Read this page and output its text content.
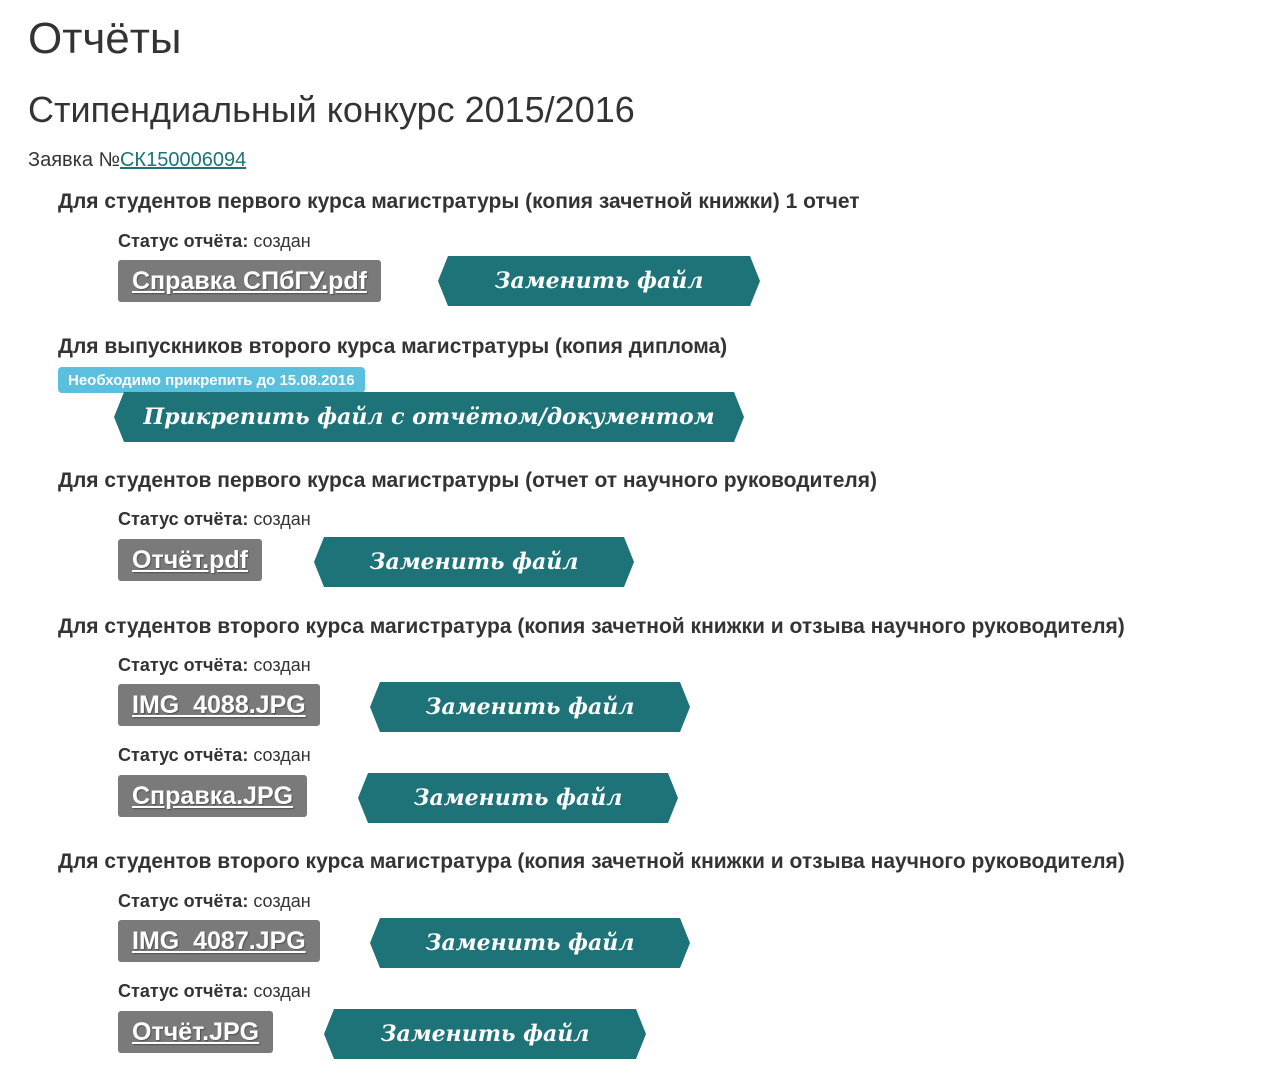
Отчёты
Стипендиальный конкурс 2015/2016
Заявка №СК150006094
Для студентов первого курса магистратуры (копия зачетной книжки) 1 отчет
Статус отчёта: создан
Справка СПбГУ.pdf	Заменить файл
Для выпускников второго курса магистратуры (копия диплома)
Необходимо прикрепить до 15.08.2016
Прикрепить файл с отчётом/документом
Для студентов первого курса магистратуры (отчет от научного руководителя)
Статус отчёта: создан
Отчёт.pdf	Заменить файл
Для студентов второго курса магистратура (копия зачетной книжки и отзыва научного руководителя)
Статус отчёта: создан
IMG_4088.JPG	Заменить файл
Статус отчёта: создан
Справка.JPG	Заменить файл
Для студентов второго курса магистратура (копия зачетной книжки и отзыва научного руководителя)
Статус отчёта: создан
IMG_4087.JPG	Заменить файл
Статус отчёта: создан
Отчёт.JPG	Заменить файл
